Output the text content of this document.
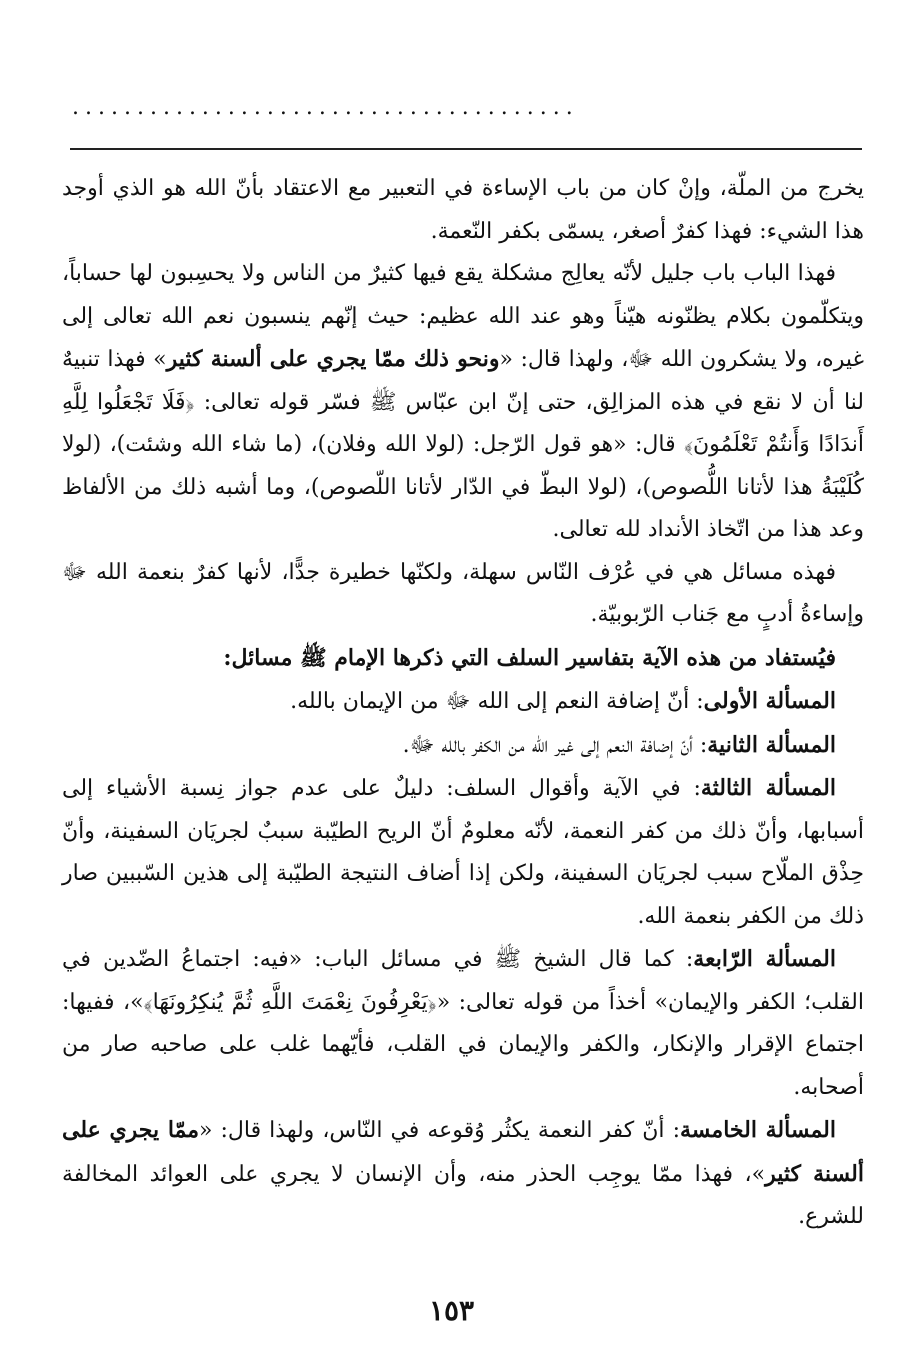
.......................................

يخرج من الملّة، وإنْ كان من باب الإساءة في التعبير مع الاعتقاد بأنّ الله هو الذي أوجد هذا الشيء: فهذا كفرٌ أصغر، يسمّى بكفر النّعمة.

فهذا الباب باب جليل لأنّه يعالِج مشكلة يقع فيها كثيرٌ من الناس ولا يحسِبون لها حساباً، ويتكلّمون بكلام يظنّونه هيّناً وهو عند الله عظيم: حيث إنّهم ينسبون نعم الله تعالى إلى غيره، ولا يشكرون الله ﷻ، ولهذا قال: «ونحو ذلك ممّا يجري على ألسنة كثير» فهذا تنبيهٌ لنا أن لا نقع في هذه المزالِق، حتى إنّ ابن عبّاس ﷺ فسّر قوله تعالى: ﴿فَلَا تَجْعَلُوا لِلَّهِ أَندَادًا وَأَنتُمْ تَعْلَمُونَ﴾ قال: «هو قول الرّجل: (لولا الله وفلان)، (ما شاء الله وشئت)، (لولا كُلَيْبَةُ هذا لأتانا اللُّصوص)، (لولا البطّ في الدّار لأتانا اللّصوص)، وما أشبه ذلك من الألفاظ وعد هذا من اتّخاذ الأنداد لله تعالى.

فهذه مسائل هي في عُرْف النّاس سهلة، ولكنّها خطيرة جدًّا، لأنها كفرٌ بنعمة الله ﷻ وإساءةُ أدبٍ مع جَناب الرّبوبيّة.

فيُستفاد من هذه الآية بتفاسير السلف التي ذكرها الإمام ﷺ مسائل:

المسألة الأولى: أنّ إضافة النعم إلى الله ﷻ من الإيمان بالله.

المسألة الثانية: أنّ إضافة النعم إلى غير الله من الكفر بالله ﷻ.

المسألة الثالثة: في الآية وأقوال السلف: دليلٌ على عدم جواز نِسبة الأشياء إلى أسبابها، وأنّ ذلك من كفر النعمة، لأنّه معلومٌ أنّ الريح الطيّبة سببٌ لجريَان السفينة، وأنّ حِذْق الملّاح سبب لجريَان السفينة، ولكن إذا أضاف النتيجة الطيّبة إلى هذين السّببين صار ذلك من الكفر بنعمة الله.

المسألة الرّابعة: كما قال الشيخ ﷺ في مسائل الباب: «فيه: اجتماعُ الضّدين في القلب؛ الكفر والإيمان» أخذاً من قوله تعالى: «﴿يَعْرِفُونَ نِعْمَتَ اللَّهِ ثُمَّ يُنكِرُونَهَا﴾»، ففيها: اجتماع الإقرار والإنكار، والكفر والإيمان في القلب، فأيّهما غلب على صاحبه صار من أصحابه.

المسألة الخامسة: أنّ كفر النعمة يكثُر وُقوعه في النّاس، ولهذا قال: «ممّا يجري على ألسنة كثير»، فهذا ممّا يوجِب الحذر منه، وأن الإنسان لا يجري على العوائد المخالفة للشرع.

١٥٣
